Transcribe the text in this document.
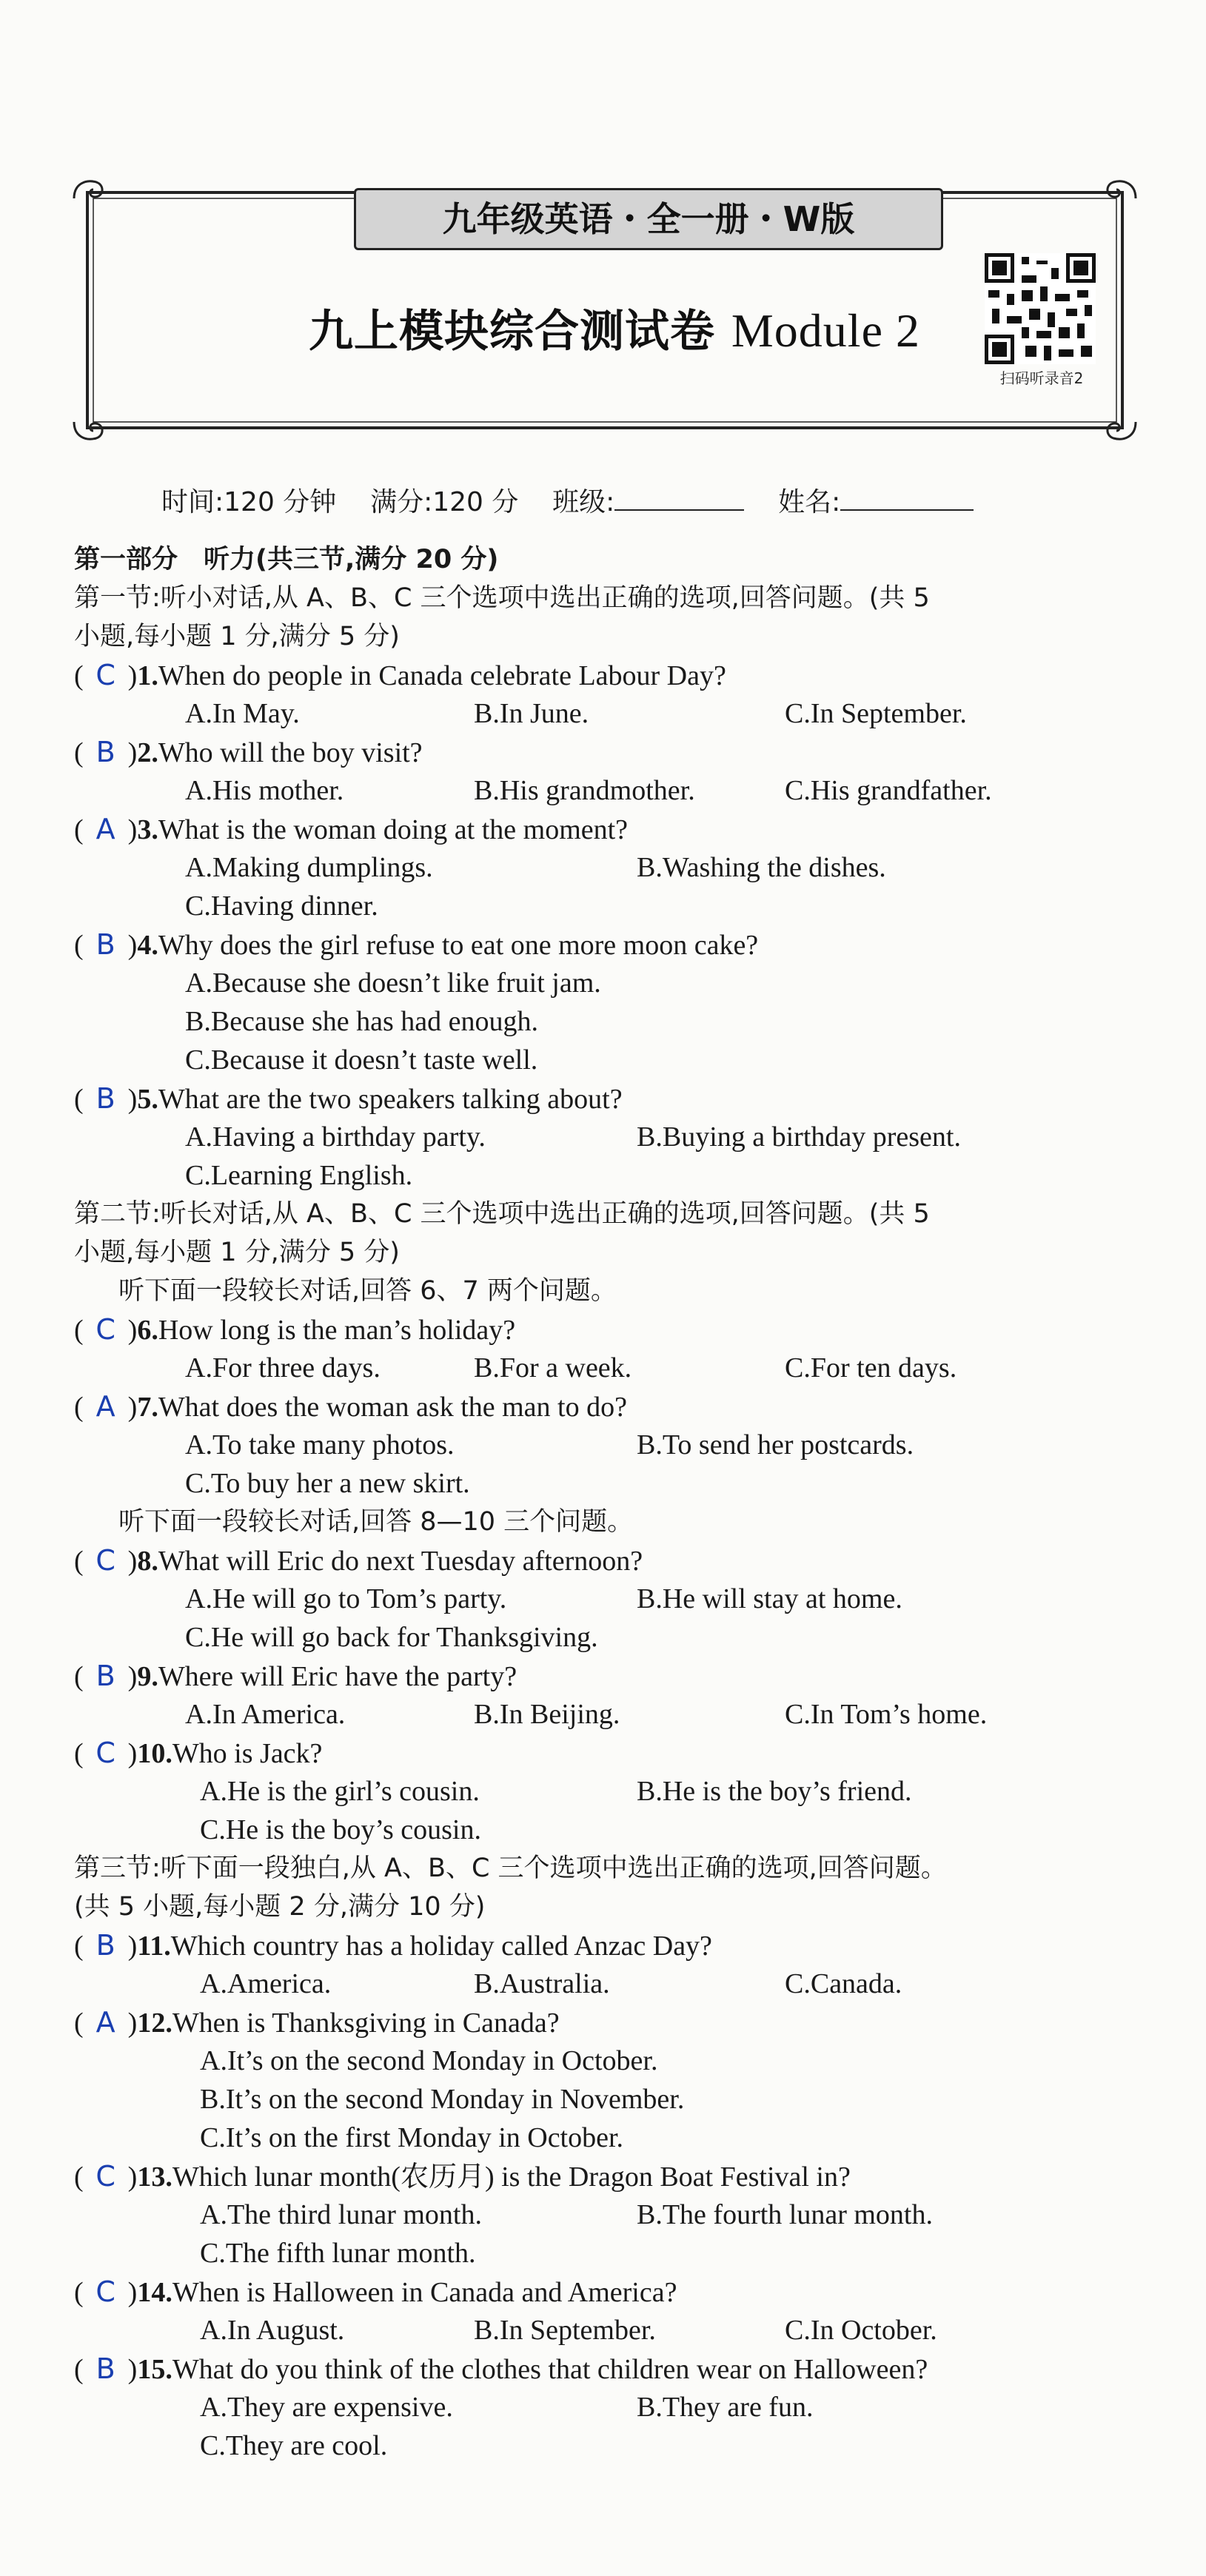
九年级英语・全一册・W版
九上模块综合测试卷 Module 2
扫码听录音2
时间:120 分钟 满分:120 分 班级:	姓名:
第一部分　听力(共三节,满分 20 分)
第一节:听小对话,从 A、B、C 三个选项中选出正确的选项,回答问题。(共 5
小题,每小题 1 分,满分 5 分)
( C )1.When do people in Canada celebrate Labour Day?
A.In May.	B.In June.	C.In September.
( B )2.Who will the boy visit?
A.His mother.	B.His grandmother.	C.His grandfather.
( A )3.What is the woman doing at the moment?
A.Making dumplings.	B.Washing the dishes.
C.Having dinner.
( B )4.Why does the girl refuse to eat one more moon cake?
A.Because she doesn’t like fruit jam.
B.Because she has had enough.
C.Because it doesn’t taste well.
( B )5.What are the two speakers talking about?
A.Having a birthday party.	B.Buying a birthday present.
C.Learning English.
第二节:听长对话,从 A、B、C 三个选项中选出正确的选项,回答问题。(共 5
小题,每小题 1 分,满分 5 分)
听下面一段较长对话,回答 6、7 两个问题。
( C )6.How long is the man’s holiday?
A.For three days.	B.For a week.	C.For ten days.
( A )7.What does the woman ask the man to do?
A.To take many photos.	B.To send her postcards.
C.To buy her a new skirt.
听下面一段较长对话,回答 8—10 三个问题。
( C )8.What will Eric do next Tuesday afternoon?
A.He will go to Tom’s party.	B.He will stay at home.
C.He will go back for Thanksgiving.
( B )9.Where will Eric have the party?
A.In America.	B.In Beijing.	C.In Tom’s home.
( C )10.Who is Jack?
A.He is the girl’s cousin.	B.He is the boy’s friend.
C.He is the boy’s cousin.
第三节:听下面一段独白,从 A、B、C 三个选项中选出正确的选项,回答问题。
(共 5 小题,每小题 2 分,满分 10 分)
( B )11.Which country has a holiday called Anzac Day?
A.America.	B.Australia.	C.Canada.
( A )12.When is Thanksgiving in Canada?
A.It’s on the second Monday in October.
B.It’s on the second Monday in November.
C.It’s on the first Monday in October.
( C )13.Which lunar month(农历月) is the Dragon Boat Festival in?
A.The third lunar month.	B.The fourth lunar month.
C.The fifth lunar month.
( C )14.When is Halloween in Canada and America?
A.In August.	B.In September.	C.In October.
( B )15.What do you think of the clothes that children wear on Halloween?
A.They are expensive.	B.They are fun.
C.They are cool.
